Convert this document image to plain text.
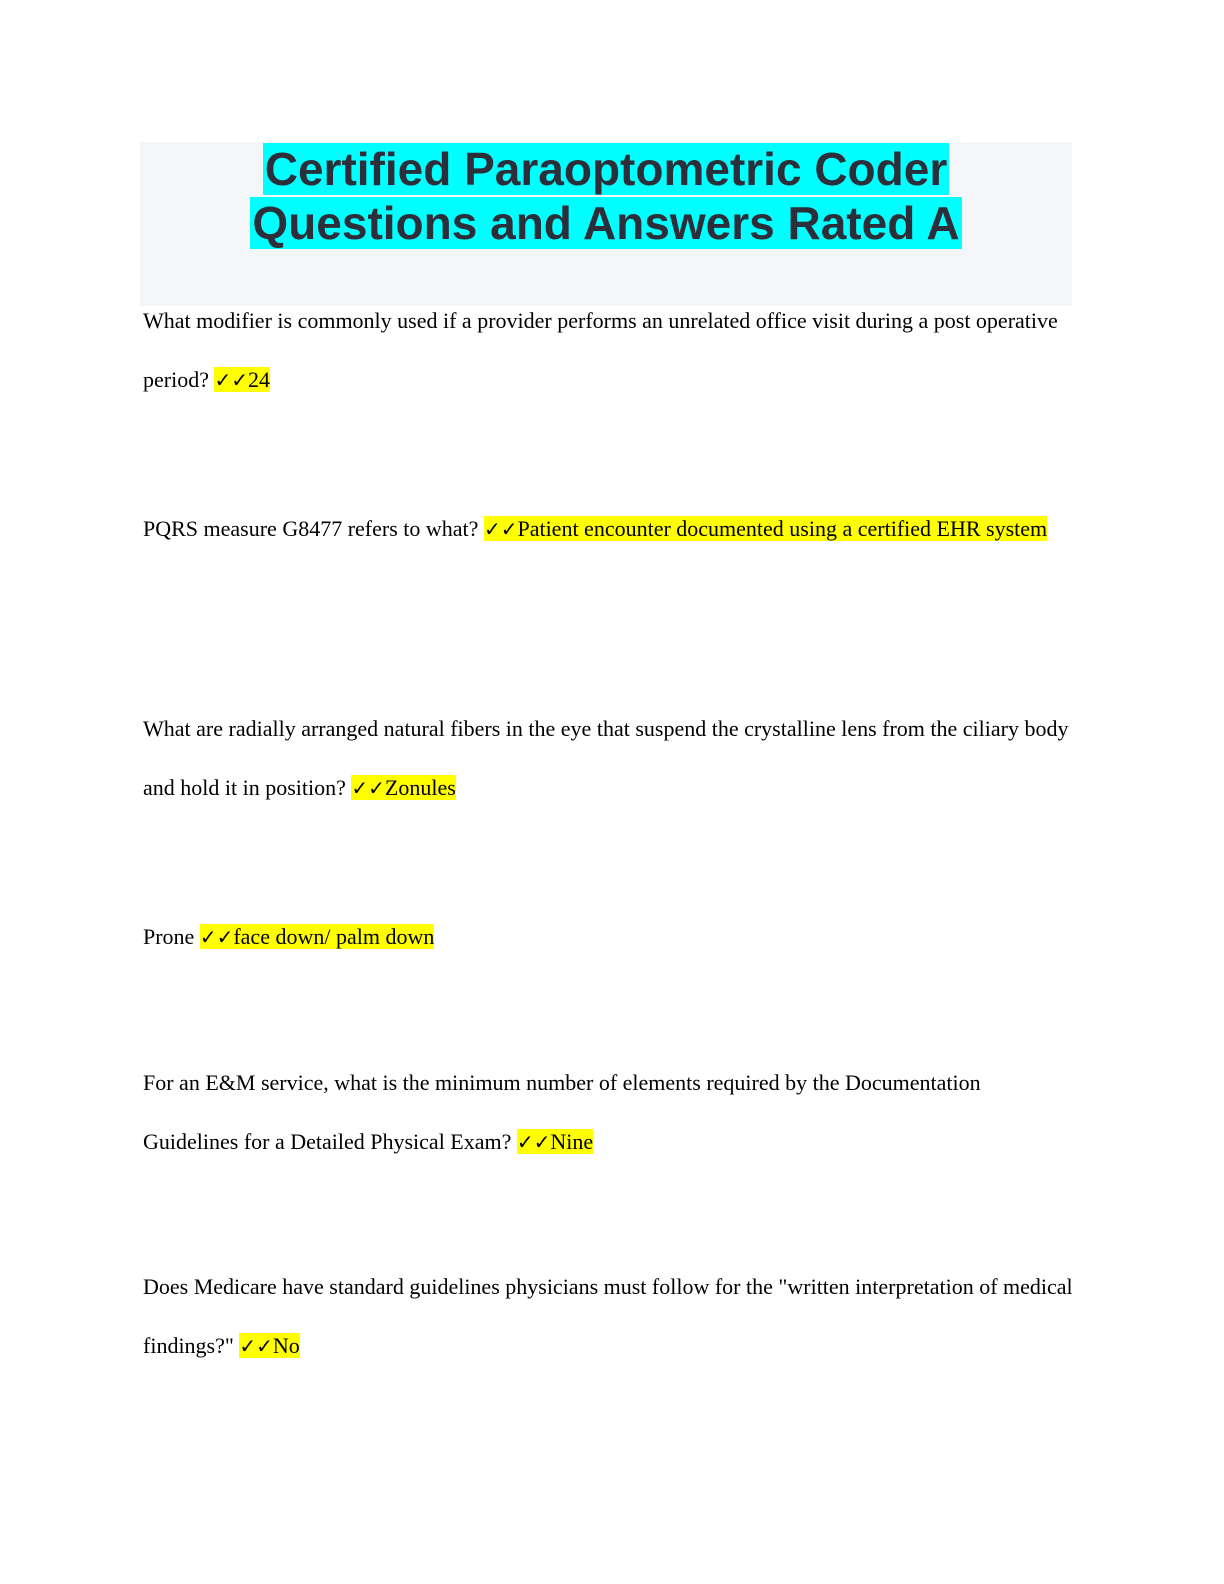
Certified Paraoptometric Coder
Questions and Answers Rated A

What modifier is commonly used if a provider performs an unrelated office visit during a post operative period? ✓✓24

PQRS measure G8477 refers to what? ✓✓Patient encounter documented using a certified EHR system

What are radially arranged natural fibers in the eye that suspend the crystalline lens from the ciliary body and hold it in position? ✓✓Zonules

Prone ✓✓face down/ palm down

For an E&M service, what is the minimum number of elements required by the Documentation Guidelines for a Detailed Physical Exam? ✓✓Nine

Does Medicare have standard guidelines physicians must follow for the "written interpretation of medical findings?" ✓✓No
